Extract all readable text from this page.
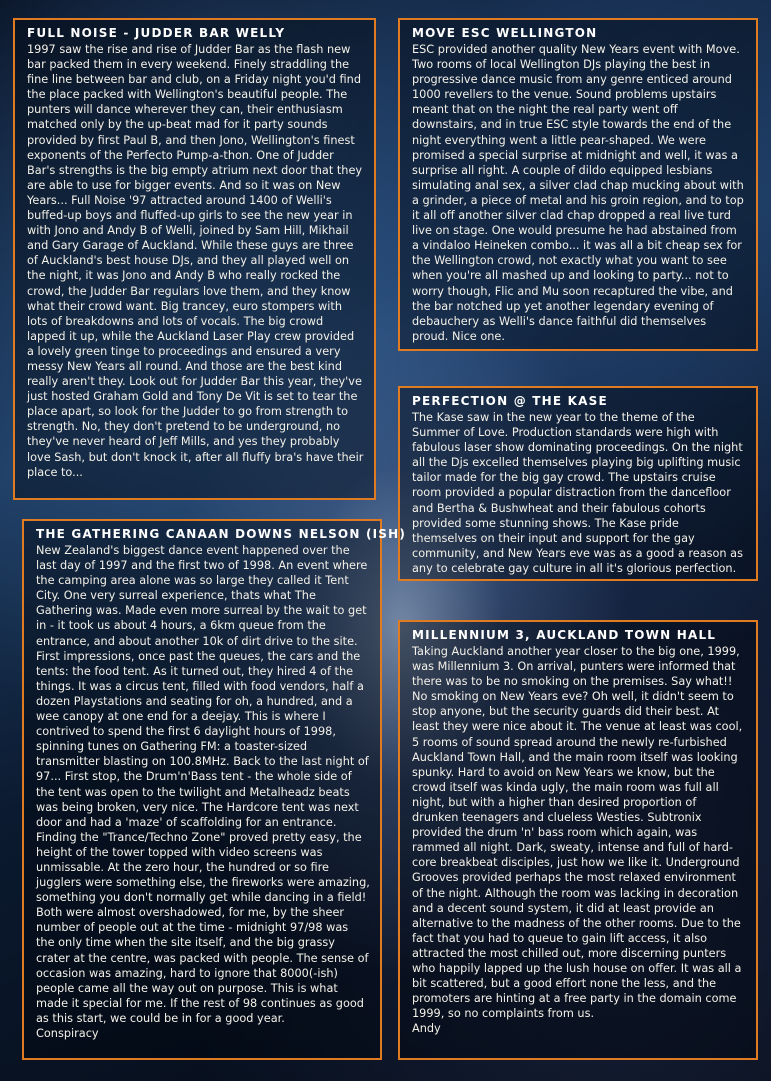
FULL NOISE - JUDDER BAR WELLY

1997 saw the rise and rise of Judder Bar as the flash new bar packed them in every weekend. Finely straddling the fine line between bar and club, on a Friday night you'd find the place packed with Wellington's beautiful people. The punters will dance wherever they can, their enthusiasm matched only by the up-beat mad for it party sounds provided by first Paul B, and then Jono, Wellington's finest exponents of the Perfecto Pump-a-thon. One of Judder Bar's strengths is the big empty atrium next door that they are able to use for bigger events. And so it was on New Years... Full Noise '97 attracted around 1400 of Welli's buffed-up boys and fluffed-up girls to see the new year in with Jono and Andy B of Welli, joined by Sam Hill, Mikhail and Gary Garage of Auckland. While these guys are three of Auckland's best house DJs, and they all played well on the night, it was Jono and Andy B who really rocked the crowd, the Judder Bar regulars love them, and they know what their crowd want. Big trancey, euro stompers with lots of breakdowns and lots of vocals. The big crowd lapped it up, while the Auckland Laser Play crew provided a lovely green tinge to proceedings and ensured a very messy New Years all round. And those are the best kind really aren't they. Look out for Judder Bar this year, they've just hosted Graham Gold and Tony De Vit is set to tear the place apart, so look for the Judder to go from strength to strength. No, they don't pretend to be underground, no they've never heard of Jeff Mills, and yes they probably love Sash, but don't knock it, after all fluffy bra's have their place to...

MOVE ESC WELLINGTON

ESC provided another quality New Years event with Move. Two rooms of local Wellington DJs playing the best in progressive dance music from any genre enticed around 1000 revellers to the venue. Sound problems upstairs meant that on the night the real party went off downstairs, and in true ESC style towards the end of the night everything went a little pear-shaped. We were promised a special surprise at midnight and well, it was a surprise all right. A couple of dildo equipped lesbians simulating anal sex, a silver clad chap mucking about with a grinder, a piece of metal and his groin region, and to top it all off another silver clad chap dropped a real live turd live on stage. One would presume he had abstained from a vindaloo Heineken combo... it was all a bit cheap sex for the Wellington crowd, not exactly what you want to see when you're all mashed up and looking to party... not to worry though, Flic and Mu soon recaptured the vibe, and the bar notched up yet another legendary evening of debauchery as Welli's dance faithful did themselves proud. Nice one.

PERFECTION @ THE KASE

The Kase saw in the new year to the theme of the Summer of Love. Production standards were high with fabulous laser show dominating proceedings. On the night all the Djs excelled themselves playing big uplifting music tailor made for the big gay crowd. The upstairs cruise room provided a popular distraction from the dancefloor and Bertha & Bushwheat and their fabulous cohorts provided some stunning shows. The Kase pride themselves on their input and support for the gay community, and New Years eve was as a good a reason as any to celebrate gay culture in all it's glorious perfection.

THE GATHERING CANAAN DOWNS NELSON (ISH)

New Zealand's biggest dance event happened over the last day of 1997 and the first two of 1998. An event where the camping area alone was so large they called it Tent City. One very surreal experience, thats what The Gathering was. Made even more surreal by the wait to get in - it took us about 4 hours, a 6km queue from the entrance, and about another 10k of dirt drive to the site. First impressions, once past the queues, the cars and the tents: the food tent. As it turned out, they hired 4 of the things. It was a circus tent, filled with food vendors, half a dozen Playstations and seating for oh, a hundred, and a wee canopy at one end for a deejay. This is where I contrived to spend the first 6 daylight hours of 1998, spinning tunes on Gathering FM: a toaster-sized transmitter blasting on 100.8MHz. Back to the last night of 97... First stop, the Drum'n'Bass tent - the whole side of the tent was open to the twilight and Metalheadz beats was being broken, very nice. The Hardcore tent was next door and had a 'maze' of scaffolding for an entrance. Finding the "Trance/Techno Zone" proved pretty easy, the height of the tower topped with video screens was unmissable. At the zero hour, the hundred or so fire jugglers were something else, the fireworks were amazing, something you don't normally get while dancing in a field! Both were almost overshadowed, for me, by the sheer number of people out at the time - midnight 97/98 was the only time when the site itself, and the big grassy crater at the centre, was packed with people. The sense of occasion was amazing, hard to ignore that 8000(-ish) people came all the way out on purpose. This is what made it special for me. If the rest of 98 continues as good as this start, we could be in for a good year.

Conspiracy

MILLENNIUM 3, AUCKLAND TOWN HALL

Taking Auckland another year closer to the big one, 1999, was Millennium 3. On arrival, punters were informed that there was to be no smoking on the premises. Say what!! No smoking on New Years eve? Oh well, it didn't seem to stop anyone, but the security guards did their best. At least they were nice about it. The venue at least was cool, 5 rooms of sound spread around the newly re-furbished Auckland Town Hall, and the main room itself was looking spunky. Hard to avoid on New Years we know, but the crowd itself was kinda ugly, the main room was full all night, but with a higher than desired proportion of drunken teenagers and clueless Westies. Subtronix provided the drum 'n' bass room which again, was rammed all night. Dark, sweaty, intense and full of hard-core breakbeat disciples, just how we like it. Underground Grooves provided perhaps the most relaxed environment of the night. Although the room was lacking in decoration and a decent sound system, it did at least provide an alternative to the madness of the other rooms. Due to the fact that you had to queue to gain lift access, it also attracted the most chilled out, more discerning punters who happily lapped up the lush house on offer. It was all a bit scattered, but a good effort none the less, and the promoters are hinting at a free party in the domain come 1999, so no complaints from us.

Andy
